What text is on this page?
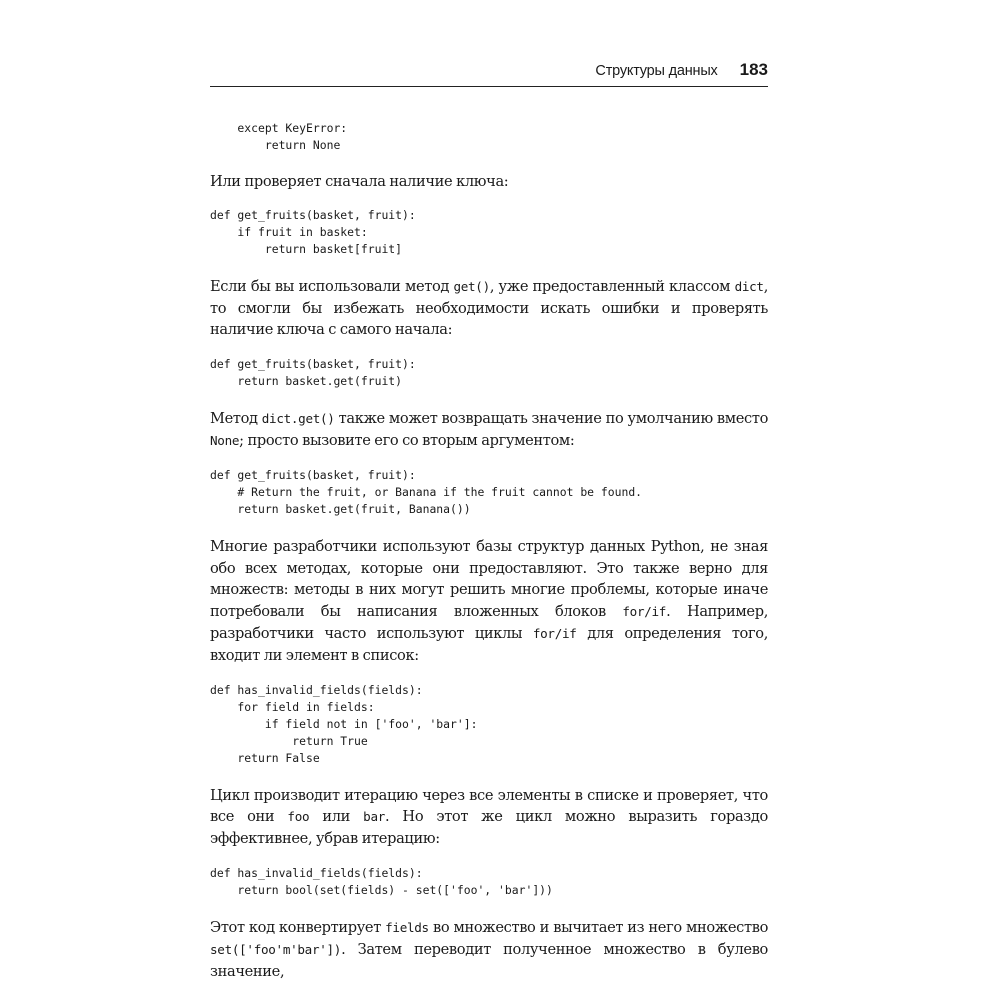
Структуры данных 183
except KeyError:
return None

Или проверяет сначала наличие ключа:

def get_fruits(basket, fruit):
if fruit in basket:
return basket[fruit]

Если бы вы использовали метод get(), уже предоставленный классом dict, то смогли бы избежать необходимости искать ошибки и проверять наличие ключа с самого начала:

def get_fruits(basket, fruit):
return basket.get(fruit)

Метод dict.get() также может возвращать значение по умолчанию вместо None; просто вызовите его со вторым аргументом:

def get_fruits(basket, fruit):
# Return the fruit, or Banana if the fruit cannot be found.
return basket.get(fruit, Banana())

Многие разработчики используют базы структур данных Python, не зная обо всех методах, которые они предоставляют. Это также верно для множеств: методы в них могут решить многие проблемы, которые иначе потребовали бы написания вложенных блоков for/if. Например, разработчики часто используют циклы for/if для определения того, входит ли элемент в список:

def has_invalid_fields(fields):
for field in fields:
if field not in ['foo', 'bar']:
return True
return False

Цикл производит итерацию через все элементы в списке и проверяет, что все они foo или bar. Но этот же цикл можно выразить гораздо эффективнее, убрав итерацию:

def has_invalid_fields(fields):
return bool(set(fields) - set(['foo', 'bar']))

Этот код конвертирует fields во множество и вычитает из него множество set(['foo'm'bar']). Затем переводит полученное множество в булево значение,
